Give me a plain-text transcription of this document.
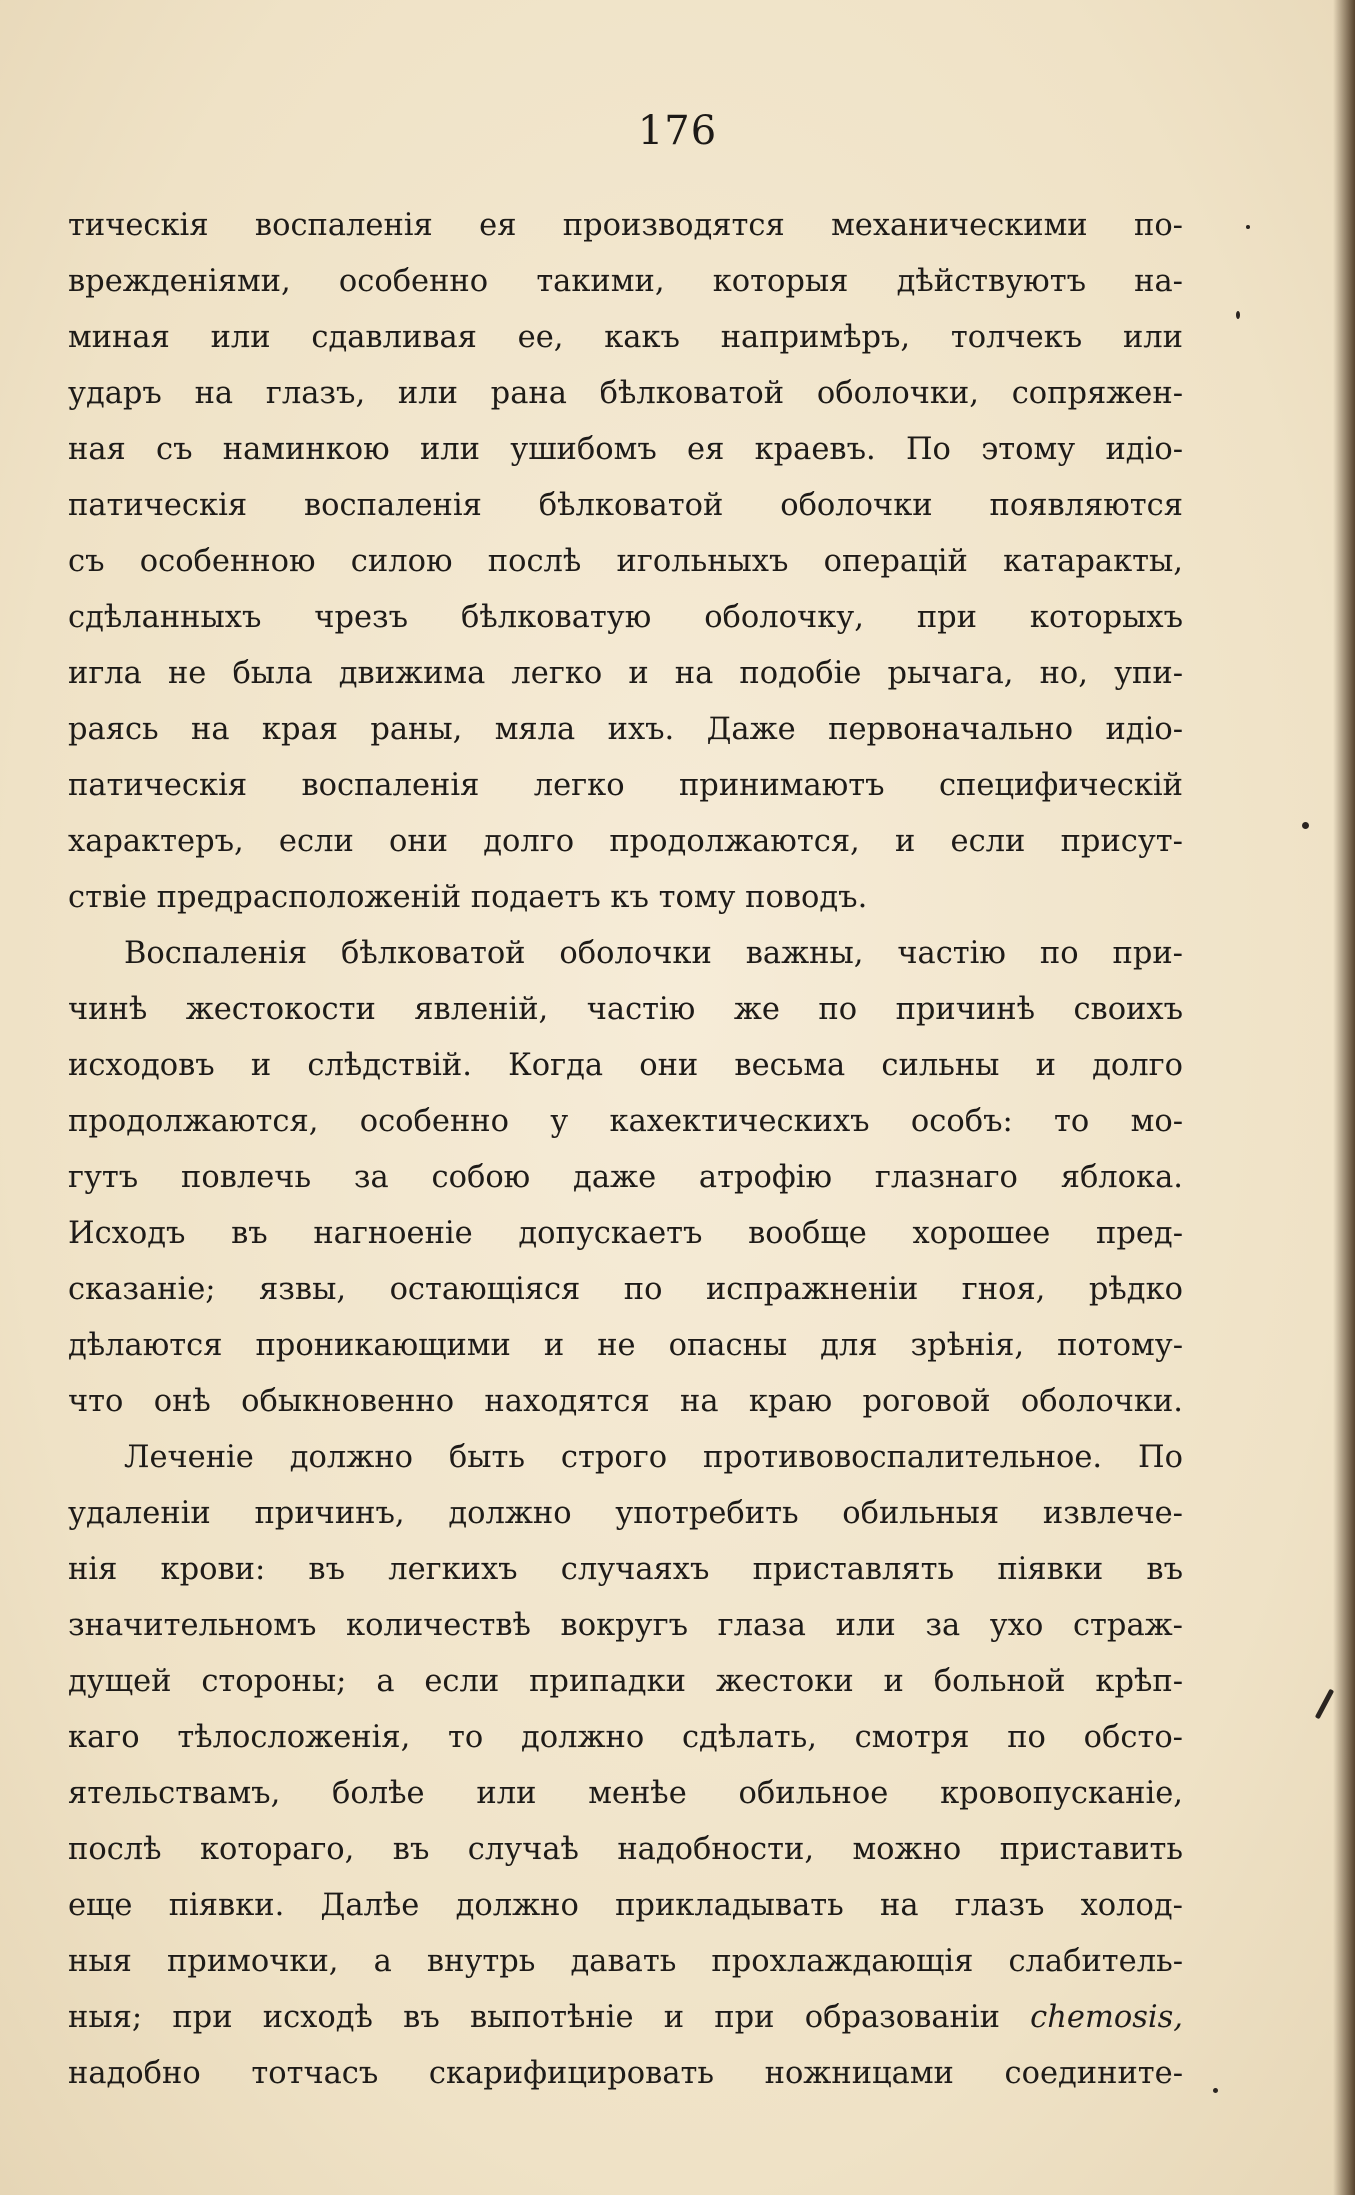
176
тическія воспаленія ея производятся механическими по-
врежденіями, особенно такими, которыя дѣйствуютъ на-
миная или сдавливая ее, какъ напримѣръ, толчекъ или
ударъ на глазъ, или рана бѣлковатой оболочки, сопряжен-
ная съ наминкою или ушибомъ ея краевъ. По этому идіо-
патическія воспаленія бѣлковатой оболочки появляются
съ особенною силою послѣ игольныхъ операцій катаракты,
сдѣланныхъ чрезъ бѣлковатую оболочку, при которыхъ
игла не была движима легко и на подобіе рычага, но, упи-
раясь на края раны, мяла ихъ. Даже первоначально идіо-
патическія воспаленія легко принимаютъ специфическій
характеръ, если они долго продолжаются, и если присут-
ствіе предрасположеній подаетъ къ тому поводъ.
Воспаленія бѣлковатой оболочки важны, частію по при-
чинѣ жестокости явленій, частію же по причинѣ своихъ
исходовъ и слѣдствій. Когда они весьма сильны и долго
продолжаются, особенно у кахектическихъ особъ: то мо-
гутъ повлечь за собою даже атрофію глазнаго яблока.
Исходъ въ нагноеніе допускаетъ вообще хорошее пред-
сказаніе; язвы, остающіяся по испражненіи гноя, рѣдко
дѣлаются проникающими и не опасны для зрѣнія, потому-
что онѣ обыкновенно находятся на краю роговой оболочки.
Леченіе должно быть строго противовоспалительное. По
удаленіи причинъ, должно употребить обильныя извлече-
нія крови: въ легкихъ случаяхъ приставлять піявки въ
значительномъ количествѣ вокругъ глаза или за ухо страж-
дущей стороны; а если припадки жестоки и больной крѣп-
каго тѣлосложенія, то должно сдѣлать, смотря по обсто-
ятельствамъ, болѣе или менѣе обильное кровопусканіе,
послѣ котораго, въ случаѣ надобности, можно приставить
еще піявки. Далѣе должно прикладывать на глазъ холод-
ныя примочки, а внутрь давать прохлаждающія слабитель-
ныя; при исходѣ въ выпотѣніе и при образованіи chemosis,
надобно тотчасъ скарифицировать ножницами соедините-
